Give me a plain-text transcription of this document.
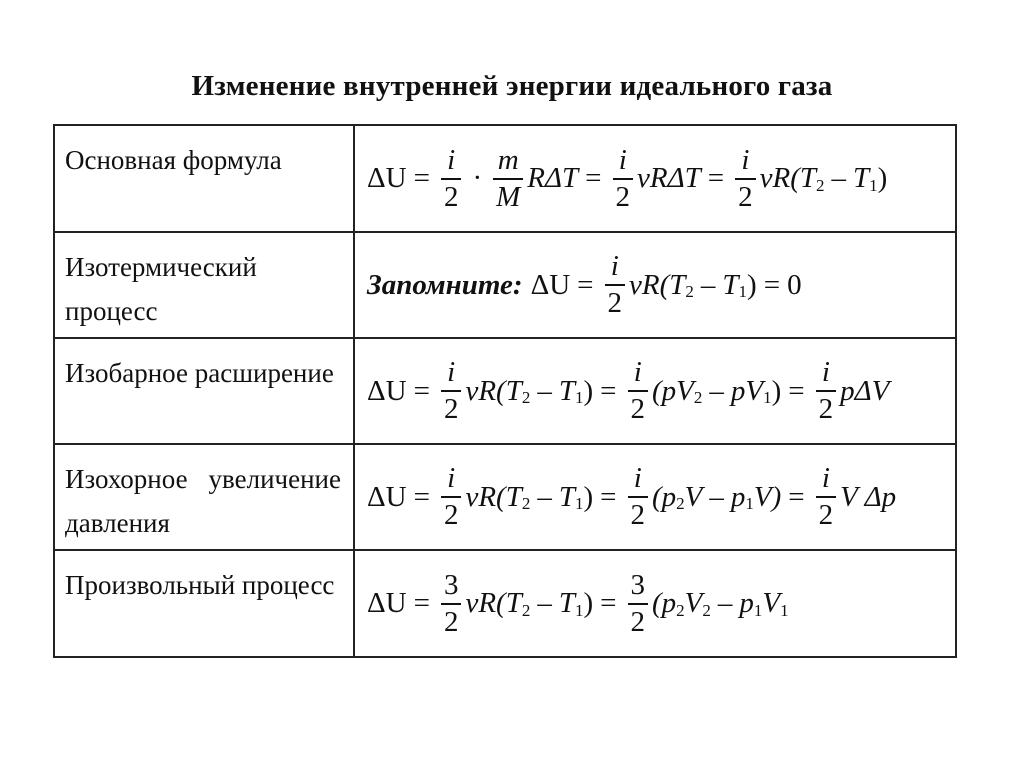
Изменение внутренней энергии идеального газа
Основная формула
$\Delta U = \frac{i}{2} \cdot \frac{m}{M}$ $R\Delta T = \frac{i}{2}$ $\nu R\Delta T = \frac{i}{2} \nu R(T$ 2 – T 1 )
Изотермический процесс
Запомните: $\Delta U = \frac{i}{2} \nu R(T$ 2 – T 1 ) = 0
Изобарное расширение
$\Delta U = \frac{i}{2} \nu R(T$ 2 – T 1 ) = $\frac{i}{2} (pV$ 2 – pV 1 ) = $\frac{i}{2}$ pΔV
Изохорное увеличение давления
$\Delta U = \frac{i}{2} \nu R(T$ 2 – T 1 ) = $\frac{i}{2} (p$ 2 V – p 1 $V) = \frac{i}{2}$ V Δp
Произвольный процесс
$\Delta U = \frac{3}{2} \nu R(T$ 2 – T 1 ) = $\frac{3}{2} (p$ 2 V 2 – p 1 V 1
